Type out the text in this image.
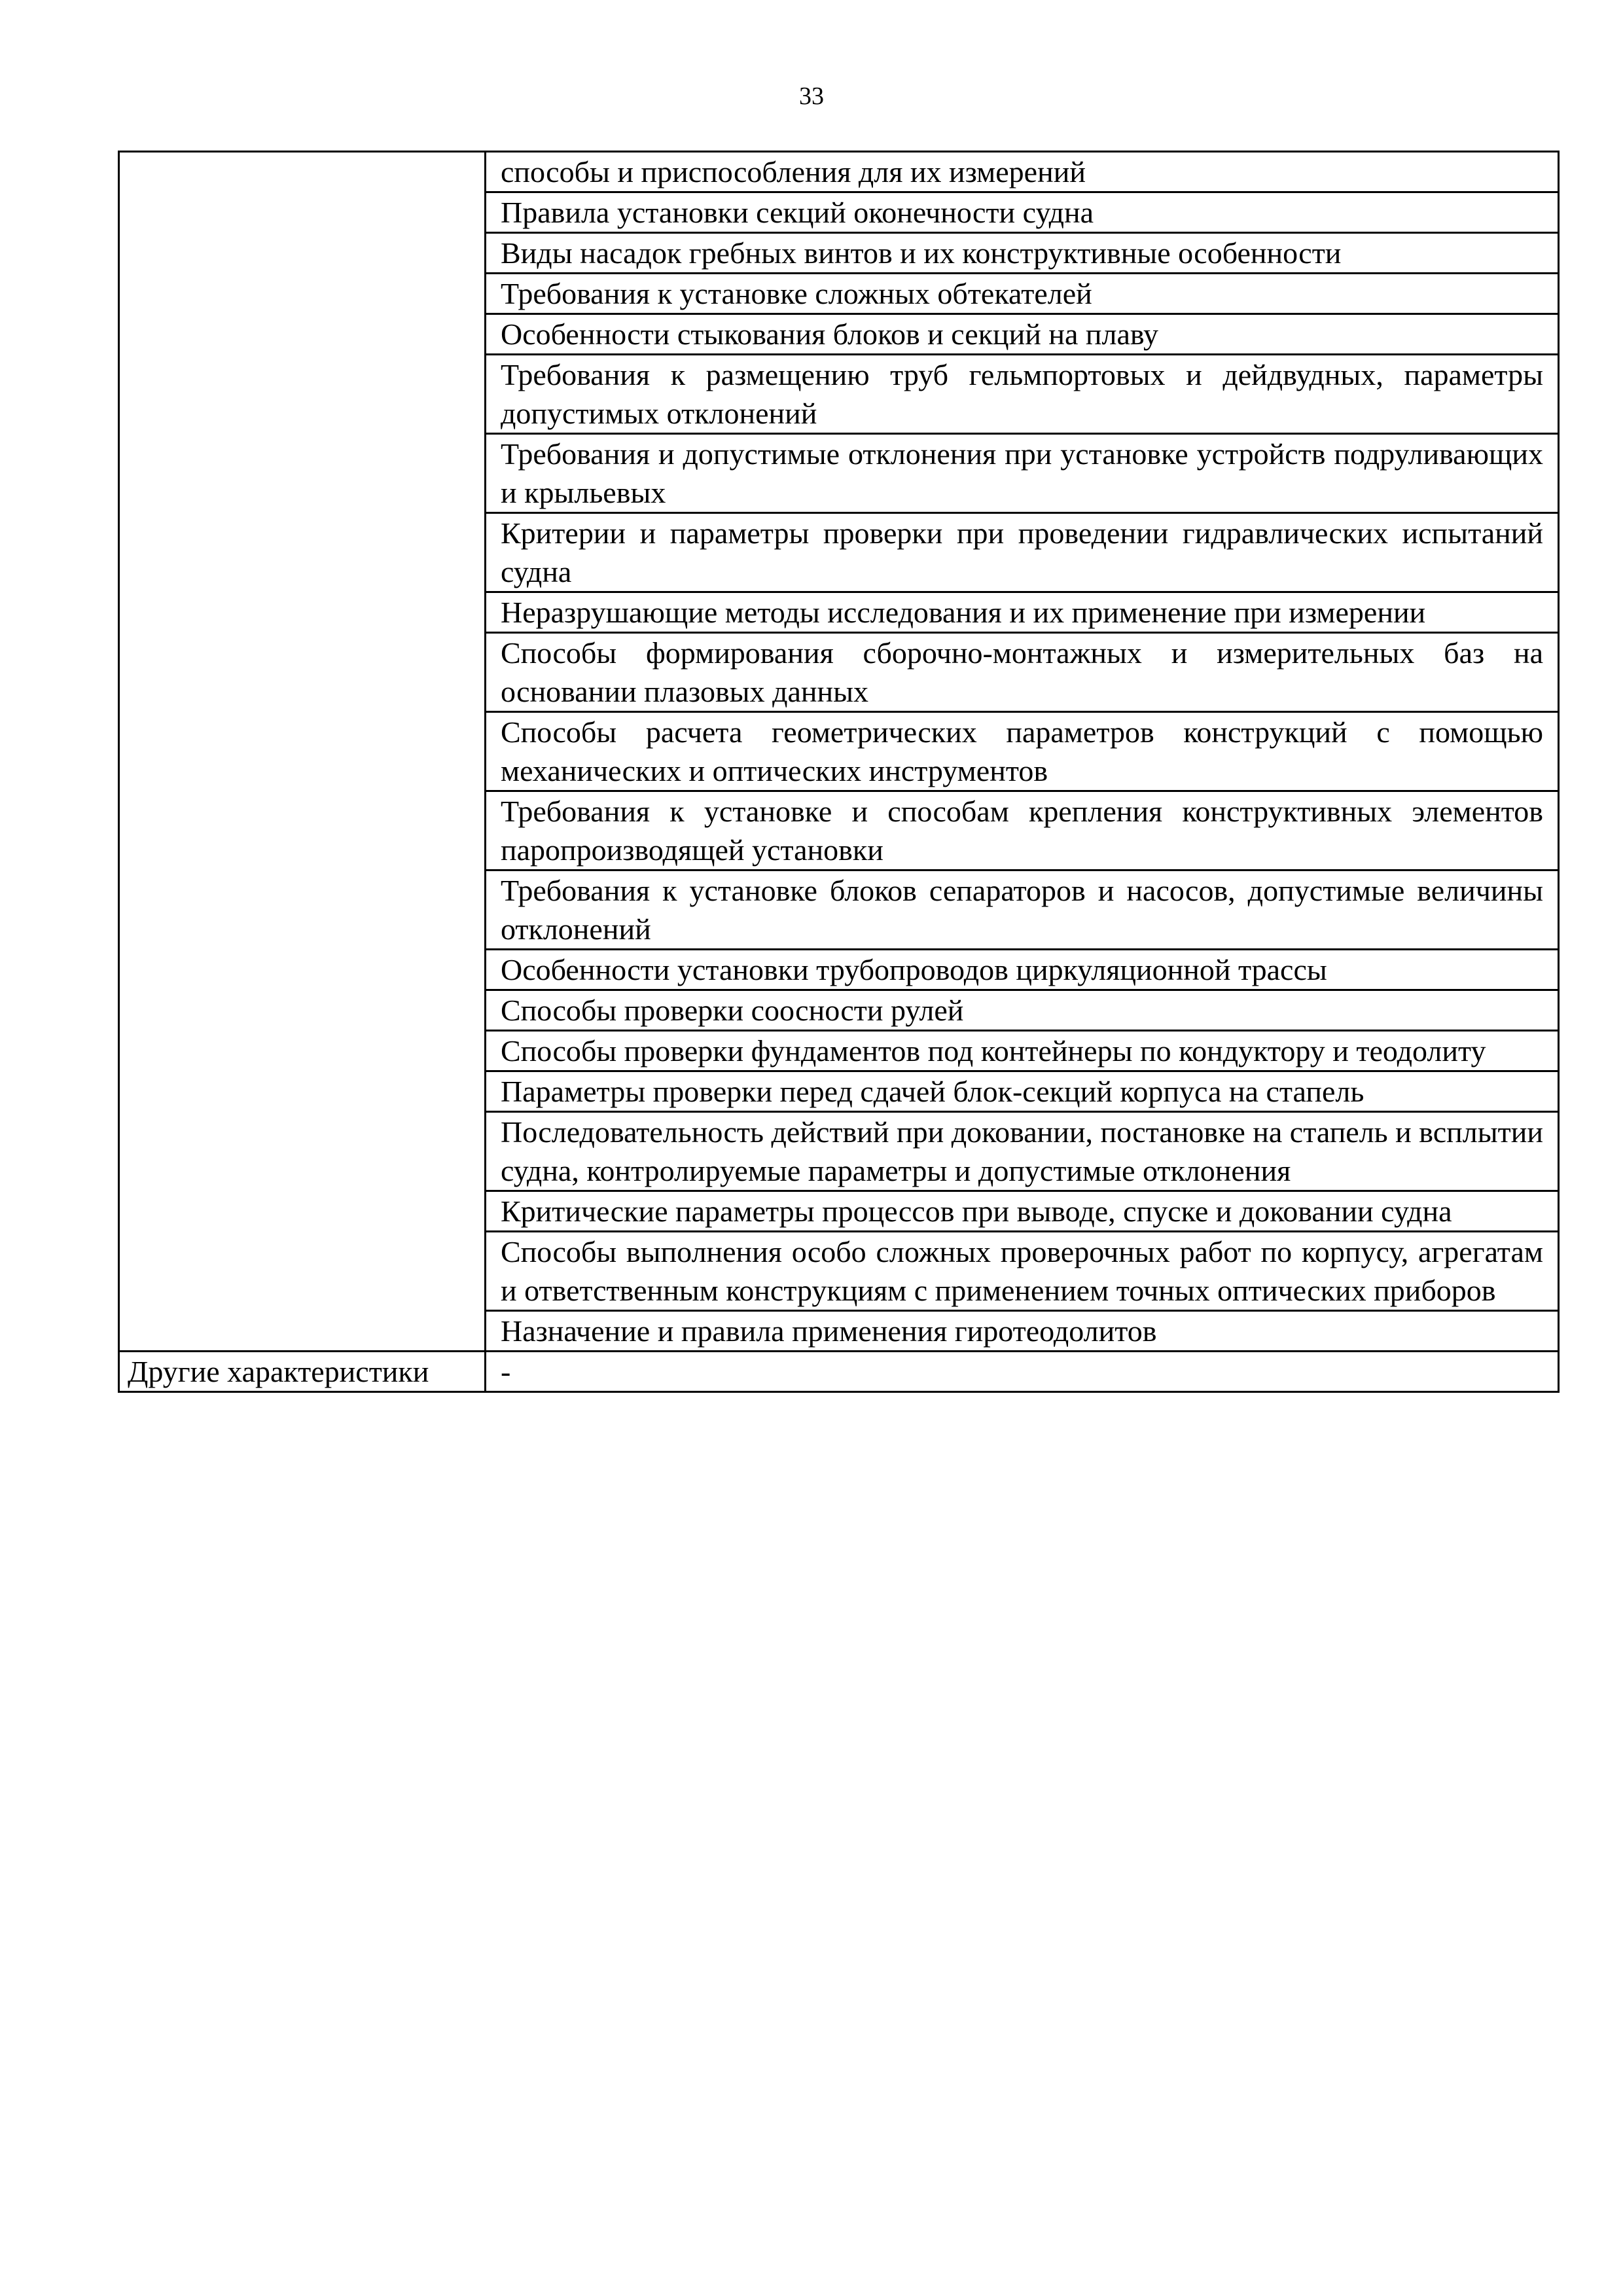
33
	способы и приспособления для их измерений
	Правила установки секций оконечности судна
	Виды насадок гребных винтов и их конструктивные особенности
	Требования к установке сложных обтекателей
	Особенности стыкования блоков и секций на плаву
	Требования к размещению труб гельмпортовых и дейдвудных, параметры допустимых отклонений
	Требования и допустимые отклонения при установке устройств подруливающих и крыльевых
	Критерии и параметры проверки при проведении гидравлических испытаний судна
	Неразрушающие методы исследования и их применение при измерении
	Способы формирования сборочно-монтажных и измерительных баз на основании плазовых данных
	Способы расчета геометрических параметров конструкций с помощью механических и оптических инструментов
	Требования к установке и способам крепления конструктивных элементов паропроизводящей установки
	Требования к установке блоков сепараторов и насосов, допустимые величины отклонений
	Особенности установки трубопроводов циркуляционной трассы
	Способы проверки соосности рулей
	Способы проверки фундаментов под контейнеры по кондуктору и теодолиту
	Параметры проверки перед сдачей блок-секций корпуса на стапель
	Последовательность действий при доковании, постановке на стапель и всплытии судна, контролируемые параметры и допустимые отклонения
	Критические параметры процессов при выводе, спуске и доковании судна
	Способы выполнения особо сложных проверочных работ по корпусу, агрегатам и ответственным конструкциям с применением точных оптических приборов
	Назначение и правила применения гиротеодолитов
Другие характеристики	-
